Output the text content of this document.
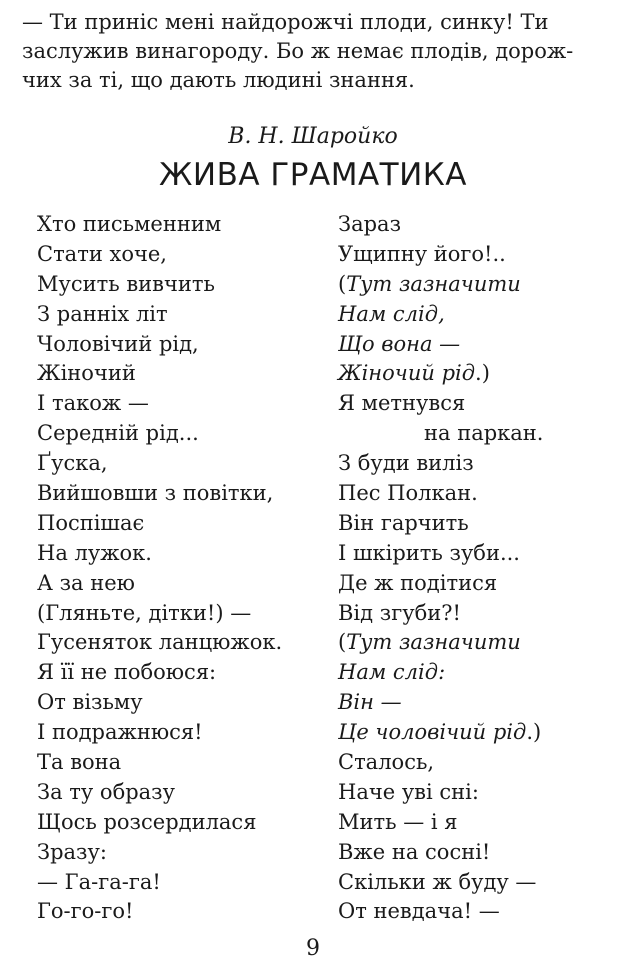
— Ти приніс мені найдорожчі плоди, синку! Ти
заслужив винагороду. Бо ж немає плодів, дорож-
чих за ті, що дають людині знання.
В. Н. Шаройко
ЖИВА ГРАМАТИКА
Хто письменним
Стати хоче,
Мусить вивчить
З ранніх літ
Чоловічий рід,
Жіночий
І також —
Середній рід...
Ґуска,
Вийшовши з повітки,
Поспішає
На лужок.
А за нею
(Гляньте, дітки!) —
Гусеняток ланцюжок.
Я її не побоюся:
От візьму
І подражнюся!
Та вона
За ту образу
Щось розсердилася
Зразу:
— Га-га-га!
Го-го-го!
Зараз
Ущипну його!..
(Тут зазначити
Нам слід,
Що вона —
Жіночий рід.)
Я метнувся
на паркан.
З буди виліз
Пес Полкан.
Він гарчить
І шкірить зуби...
Де ж подітися
Від згуби?!
(Тут зазначити
Нам слід:
Він —
Це чоловічий рід.)
Сталось,
Наче уві сні:
Мить — і я
Вже на сосні!
Скільки ж буду —
От невдача! —
9
